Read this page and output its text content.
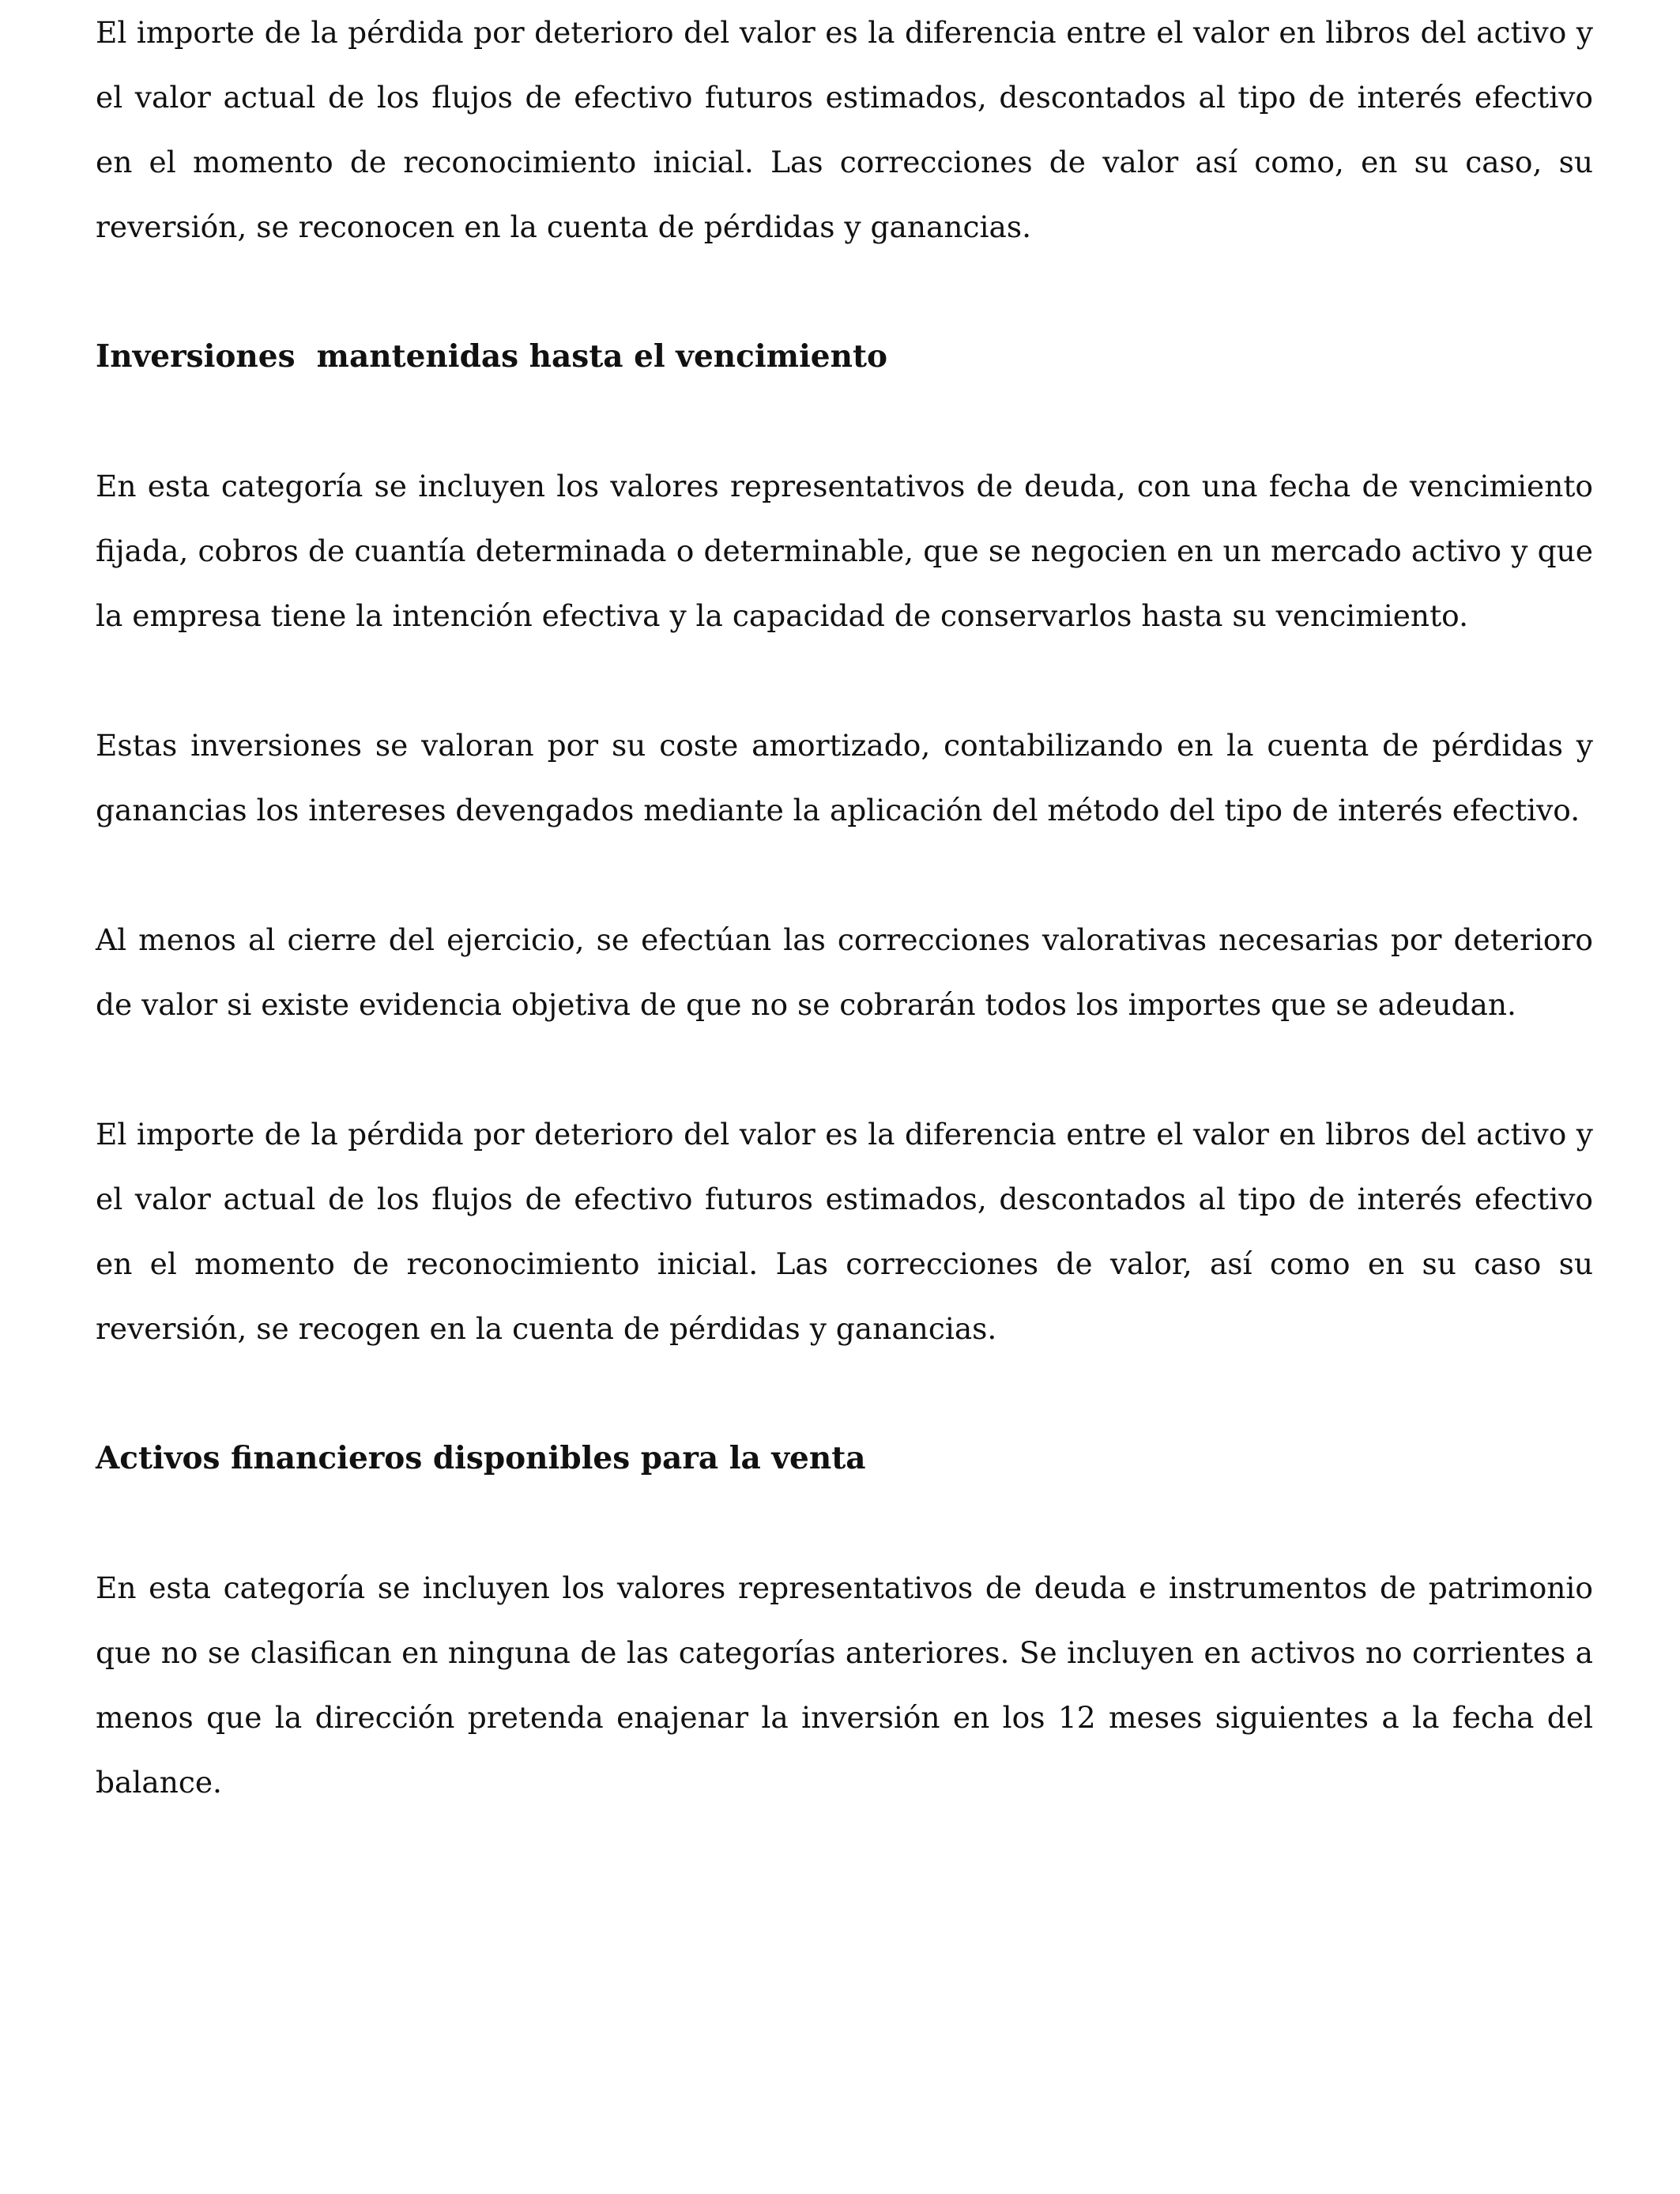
El importe de la pérdida por deterioro del valor es la diferencia entre el valor en libros del activo y el valor actual de los flujos de efectivo futuros estimados, descontados al tipo de interés efectivo en el momento de reconocimiento inicial. Las correcciones de valor así como, en su caso, su reversión, se reconocen en la cuenta de pérdidas y ganancias.

Inversiones  mantenidas hasta el vencimiento

En esta categoría se incluyen los valores representativos de deuda, con una fecha de vencimiento fijada, cobros de cuantía determinada o determinable, que se negocien en un mercado activo y que la empresa tiene la intención efectiva y la capacidad de conservarlos hasta su vencimiento.

Estas inversiones se valoran por su coste amortizado, contabilizando en la cuenta de pérdidas y ganancias los intereses devengados mediante la aplicación del método del tipo de interés efectivo.

Al menos al cierre del ejercicio, se efectúan las correcciones valorativas necesarias por deterioro de valor si existe evidencia objetiva de que no se cobrarán todos los importes que se adeudan.

El importe de la pérdida por deterioro del valor es la diferencia entre el valor en libros del activo y el valor actual de los flujos de efectivo futuros estimados, descontados al tipo de interés efectivo en el momento de reconocimiento inicial. Las correcciones de valor, así como en su caso su reversión, se recogen en la cuenta de pérdidas y ganancias.

Activos financieros disponibles para la venta

En esta categoría se incluyen los valores representativos de deuda e instrumentos de patrimonio que no se clasifican en ninguna de las categorías anteriores. Se incluyen en activos no corrientes a menos que la dirección pretenda enajenar la inversión en los 12 meses siguientes a la fecha del balance.
